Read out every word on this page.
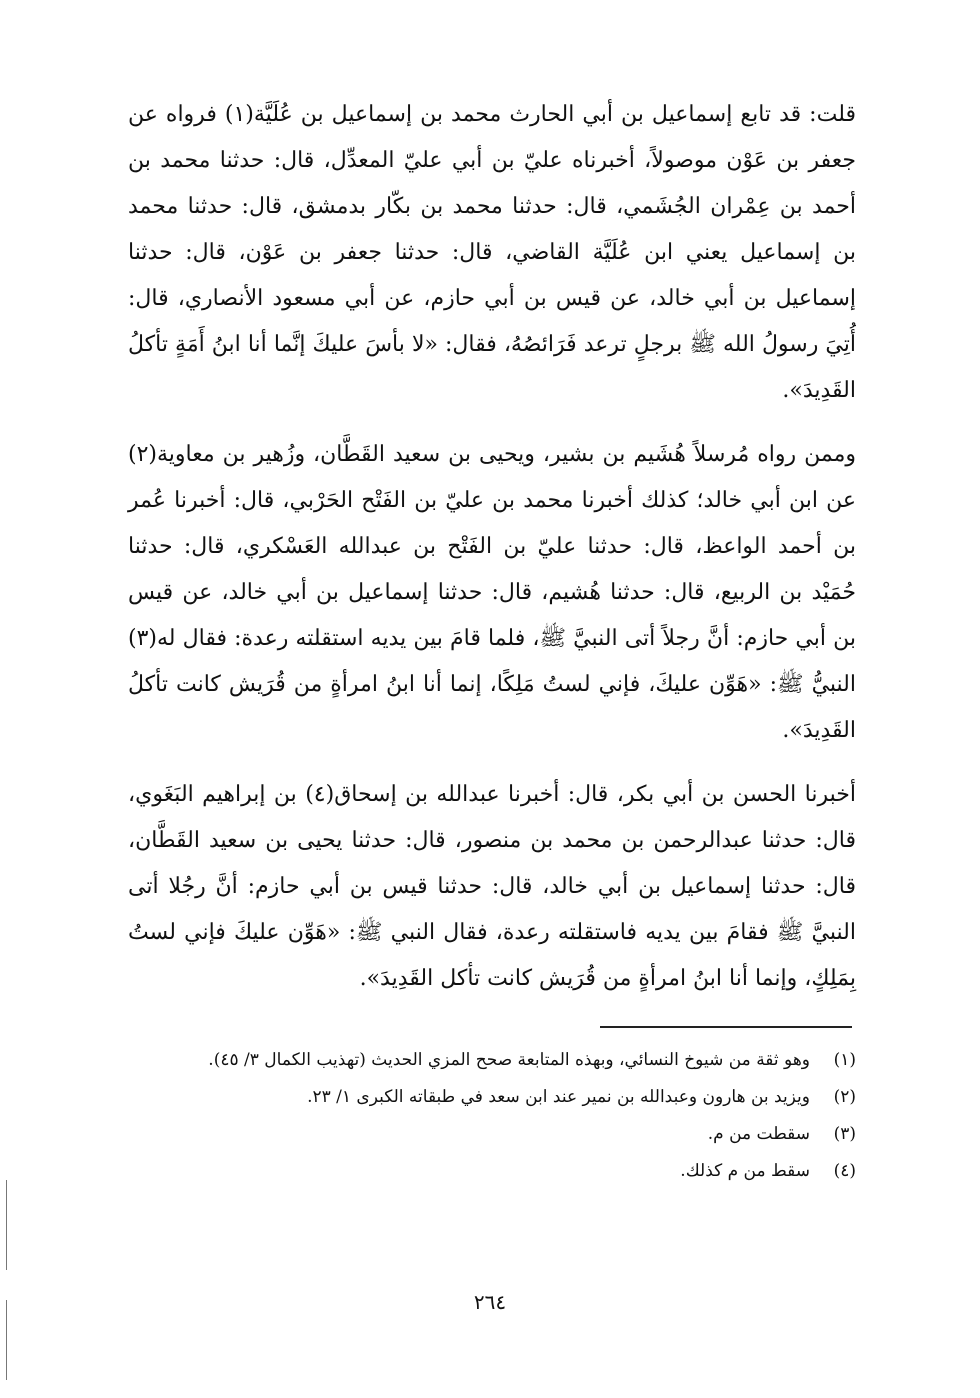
قلت: قد تابع إسماعيل بن أبي الحارث محمد بن إسماعيل بن عُلَيَّة(١) فرواه عن جعفر بن عَوْن موصولاً، أخبرناه عليّ بن أبي عليّ المعدِّل، قال: حدثنا محمد بن أحمد بن عِمْران الجُشَمي، قال: حدثنا محمد بن بكّار بدمشق، قال: حدثنا محمد بن إسماعيل يعني ابن عُلَيَّة القاضي، قال: حدثنا جعفر بن عَوْن، قال: حدثنا إسماعيل بن أبي خالد، عن قيس بن أبي حازم، عن أبي مسعود الأنصاري، قال: أُتِيَ رسولُ الله ﷺ برجلٍ ترعد فَرَائصُهُ، فقال: «لا بأسَ عليكَ إنَّما أنا ابنُ أَمَةٍ تأكلُ القَدِيدَ».

وممن رواه مُرسلاً هُشَيم بن بشير، ويحيى بن سعيد القَطَّان، وزُهير بن معاوية(٢) عن ابن أبي خالد؛ كذلك أخبرنا محمد بن عليّ بن الفَتْح الحَرْبي، قال: أخبرنا عُمر بن أحمد الواعظ، قال: حدثنا عليّ بن الفَتْح بن عبدالله العَسْكري، قال: حدثنا حُمَيْد بن الربيع، قال: حدثنا هُشيم، قال: حدثنا إسماعيل بن أبي خالد، عن قيس بن أبي حازم: أنَّ رجلاً أتى النبيَّ ﷺ، فلما قامَ بين يديه استقلته رعدة: فقال له(٣) النبيُّ ﷺ: «هَوِّن عليكَ، فإني لستُ مَلِكًا، إنما أنا ابنُ امرأةٍ من قُرَيش كانت تأكلُ القَدِيدَ».

أخبرنا الحسن بن أبي بكر، قال: أخبرنا عبدالله بن إسحاق(٤) بن إبراهيم البَغَوي، قال: حدثنا عبدالرحمن بن محمد بن منصور، قال: حدثنا يحيى بن سعيد القَطَّان، قال: حدثنا إسماعيل بن أبي خالد، قال: حدثنا قيس بن أبي حازم: أنَّ رجُلا أتى النبيَّ ﷺ فقامَ بين يديه فاستقلته رعدة، فقال النبي ﷺ: «هَوِّن عليكَ فإني لستُ بِمَلِكٍ، وإنما أنا ابنُ امرأةٍ من قُرَيش كانت تأكل القَدِيدَ».

(١)
وهو ثقة من شيوخ النسائي، وبهذه المتابعة صحح المزي الحديث (تهذيب الكمال ٣/ ٤٥).
(٢)
ويزيد بن هارون وعبدالله بن نمير عند ابن سعد في طبقاته الكبرى ١/ ٢٣.
(٣)
سقطت من م.
(٤)
سقط من م كذلك.
٢٦٤
